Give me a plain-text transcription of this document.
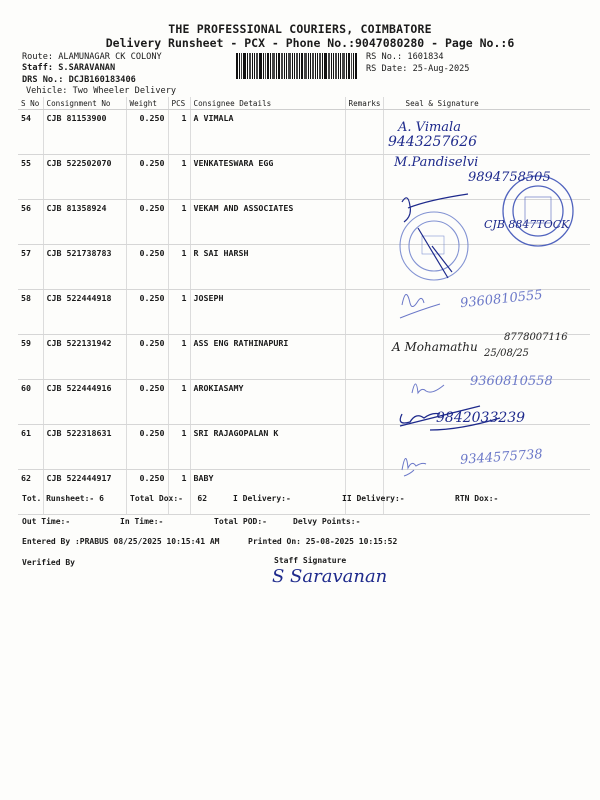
THE PROFESSIONAL COURIERS, COIMBATORE
Delivery Runsheet - PCX - Phone No.:9047080280 - Page No.:6
Route: ALAMUNAGAR CK COLONY
Staff: S.SARAVANAN
DRS No.: DCJB160183406
Vehicle: Two Wheeler Delivery
RS No.: 1601834
RS Date: 25-Aug-2025
S No	Consignment No	Weight	PCS	Consignee Details	Remarks	Seal & Signature
54	CJB 81153900	0.250	1	A VIMALA		
55	CJB 522502070	0.250	1	VENKATESWARA EGG		
56	CJB 81358924	0.250	1	VEKAM AND ASSOCIATES		
57	CJB 521738783	0.250	1	R SAI HARSH		
58	CJB 522444918	0.250	1	JOSEPH		
59	CJB 522131942	0.250	1	ASS ENG RATHINAPURI		
60	CJB 522444916	0.250	1	AROKIASAMY		
61	CJB 522318631	0.250	1	SRI RAJAGOPALAN K		
62	CJB 522444917	0.250	1	BABY		
A. Vimala
9443257626
M.Pandiselvi
9894758505
CJB 8847TOCK
9360810555
A Mohamathu
8778007116
25/08/25
9360810558
9842033239
9344575738
Tot. Runsheet:- 6	Total Dox:-   62	I Delivery:-	II Delivery:-	RTN Dox:-
Out Time:-	In Time:-	Total POD:-	Delvy Points:-
Entered By :PRABUS 08/25/2025 10:15:41 AM	Printed On: 25-08-2025 10:15:52
Verified By	Staff Signature
S Saravanan
